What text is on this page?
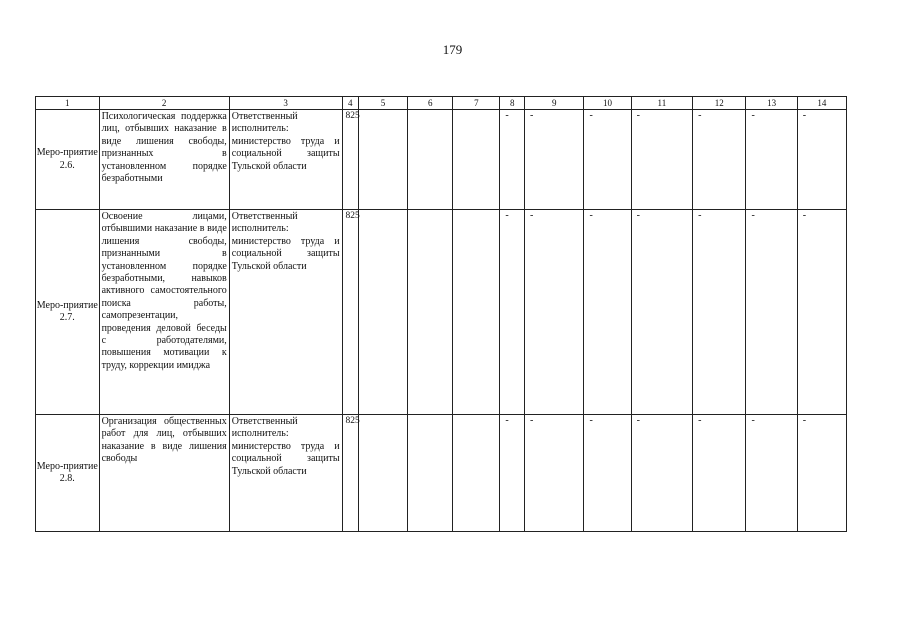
179
1	2	3	4	5	6	7	8	9	10	11	12	13	14
Меро-приятие 2.6.	Психологическая поддержка лиц, отбывших наказание в виде лишения свободы, признанных в установленном порядке безработными	Ответственный исполнитель: министерство труда и социальной защиты Тульской области	825				-	-	-	-	-	-	-

Меро-приятие 2.7.	Освоение лицами, отбывшими наказание в виде лишения свободы, признанными в установленном порядке безработными, навыков активного самостоятельного поиска работы, самопрезентации, проведения деловой беседы с работодателями, повышения мотивации к труду, коррекции имиджа	Ответственный исполнитель: министерство труда и социальной защиты Тульской области	825				-	-	-	-	-	-	-

Меро-приятие 2.8.	Организация общественных работ для лиц, отбывших наказание в виде лишения свободы	Ответственный исполнитель: министерство труда и социальной защиты Тульской области	825				-	-	-	-	-	-	-
